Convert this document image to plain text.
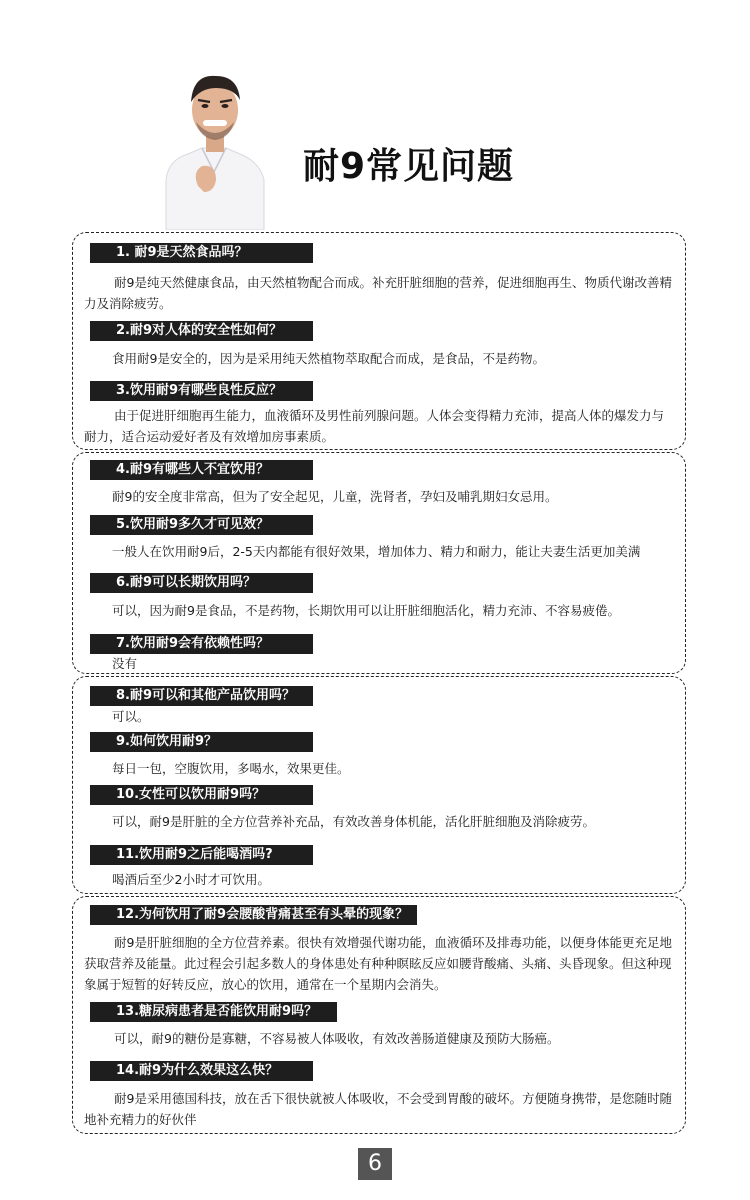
耐9常见问题
1. 耐9是天然食品吗？
耐9是纯天然健康食品，由天然植物配合而成。补充肝脏细胞的营养，促进细胞再生、物质代谢改善精力及消除疲劳。
2.耐9对人体的安全性如何？
食用耐9是安全的，因为是采用纯天然植物萃取配合而成，是食品，不是药物。
3.饮用耐9有哪些良性反应？
由于促进肝细胞再生能力，血液循环及男性前列腺问题。人体会变得精力充沛，提高人体的爆发力与耐力，适合运动爱好者及有效增加房事素质。
4.耐9有哪些人不宜饮用？
耐9的安全度非常高，但为了安全起见，儿童，洗肾者，孕妇及哺乳期妇女忌用。
5.饮用耐9多久才可见效？
一般人在饮用耐9后，2-5天内都能有很好效果，增加体力、精力和耐力，能让夫妻生活更加美满
6.耐9可以长期饮用吗？
可以，因为耐9是食品，不是药物，长期饮用可以让肝脏细胞活化，精力充沛、不容易疲倦。
7.饮用耐9会有依赖性吗？
没有
8.耐9可以和其他产品饮用吗？
可以。
9.如何饮用耐9？
每日一包，空腹饮用，多喝水，效果更佳。
10.女性可以饮用耐9吗？
可以，耐9是肝脏的全方位营养补充品，有效改善身体机能，活化肝脏细胞及消除疲劳。
11.饮用耐9之后能喝酒吗?
喝酒后至少2小时才可饮用。
12.为何饮用了耐9会腰酸背痛甚至有头晕的现象？
耐9是肝脏细胞的全方位营养素。很快有效增强代谢功能，血液循环及排毒功能，以便身体能更充足地获取营养及能量。此过程会引起多数人的身体患处有种种瞑眩反应如腰背酸痛、头痛、头昏现象。但这种现象属于短暂的好转反应，放心的饮用，通常在一个星期内会消失。
13.糖尿病患者是否能饮用耐9吗？
可以，耐9的糖份是寡糖，不容易被人体吸收，有效改善肠道健康及预防大肠癌。
14.耐9为什么效果这么快？
耐9是采用德国科技，放在舌下很快就被人体吸收，不会受到胃酸的破坏。方便随身携带，是您随时随地补充精力的好伙伴
6
